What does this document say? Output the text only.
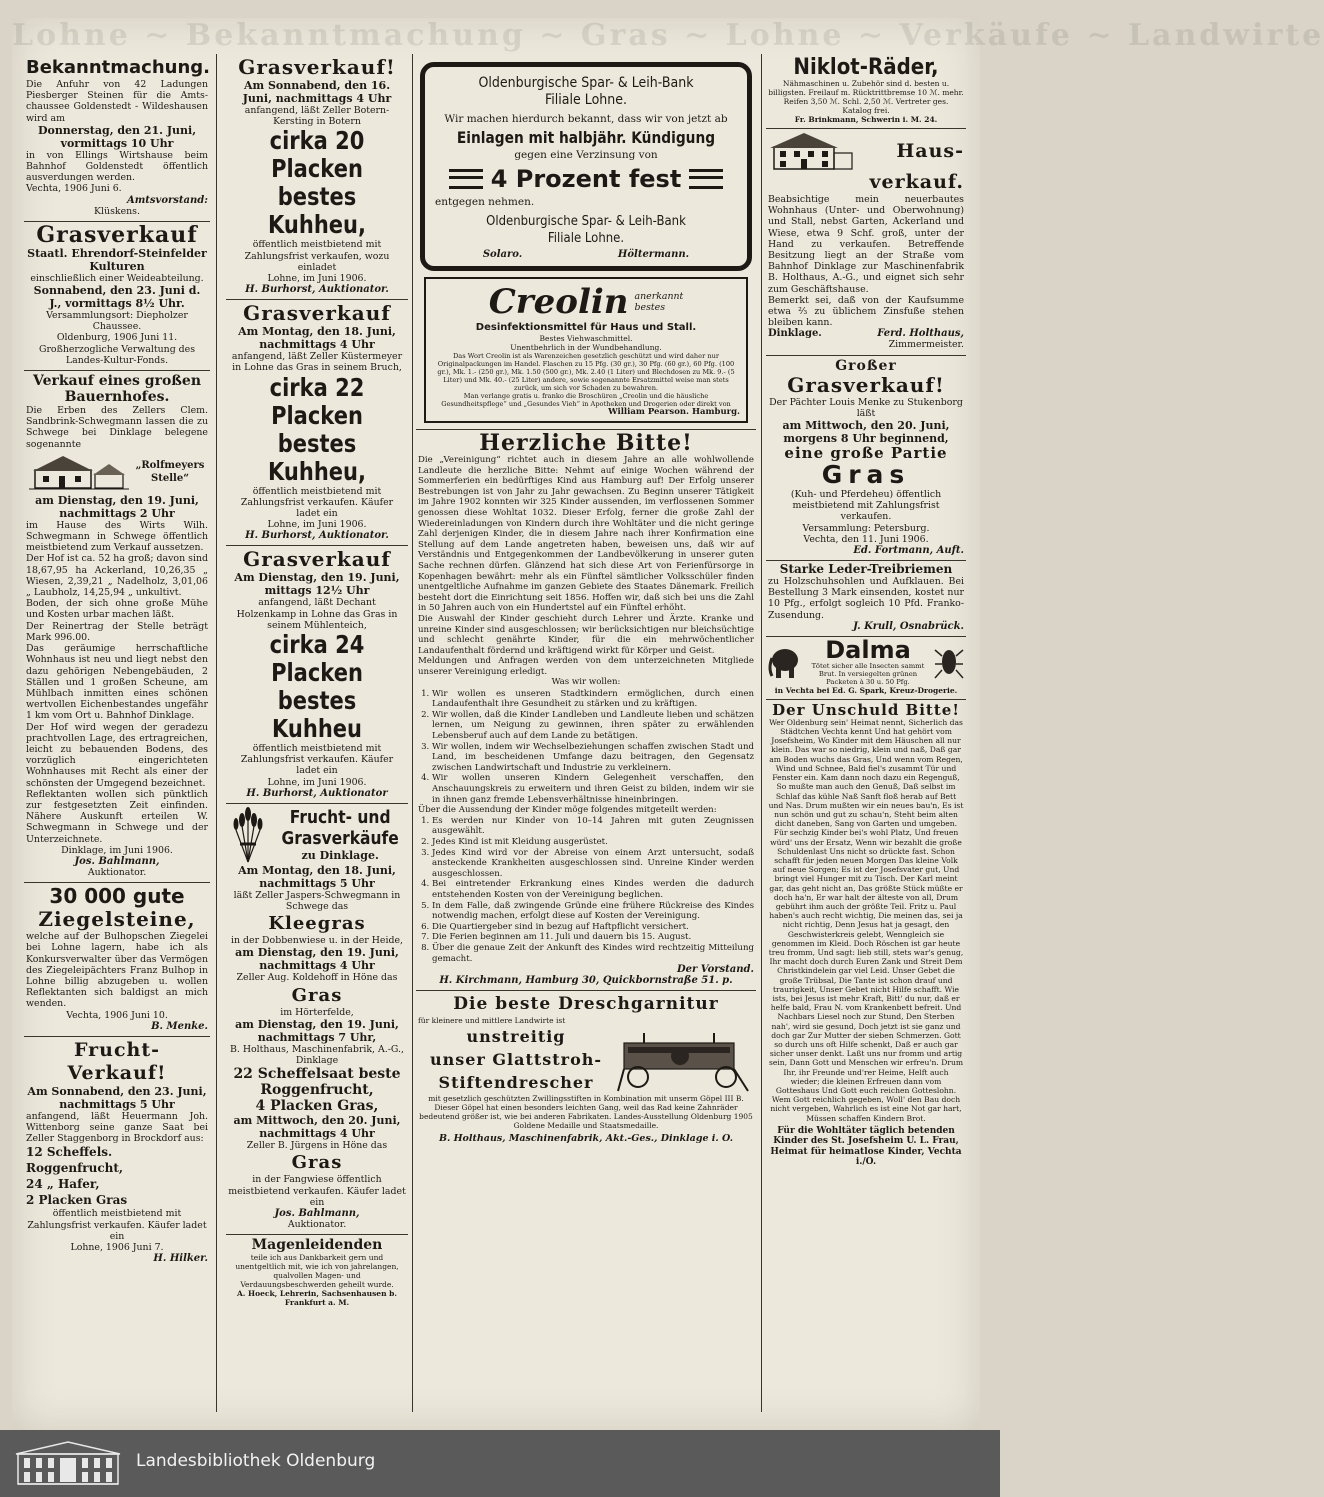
Lohne ∼ Bekanntmachung ∼ Gras ∼ Lohne ∼ Verkäufe ∼ Landwirte

Bekanntmachung.

Die Anfuhr von 42 Ladungen Piesberger Steinen für die Amts-chaussee Goldenstedt - Wildeshausen wird am

Donnerstag, den 21. Juni, vormittags 10 Uhr

in von Ellings Wirtshause beim Bahnhof Goldenstedt öffentlich ausverdungen werden.

Vechta, 1906 Juni 6.

Amtsvorstand:

Klüskens.

Grasverkauf

Staatl. Ehrendorf-Steinfelder Kulturen

einschließlich einer Weideabteilung.

Sonnabend, den 23. Juni d. J., vormittags 8½ Uhr.

Versammlungsort: Diepholzer Chaussee.

Oldenburg, 1906 Juni 11.

Großherzogliche Verwaltung des Landes-Kultur-Fonds.

Verkauf eines großen Bauernhofes.

Die Erben des Zellers Clem. Sandbrink-Schwegmann lassen die zu Schwege bei Dinklage belegene sogenannte

„Rolfmeyers Stelle“

am Dienstag, den 19. Juni, nachmittags 2 Uhr

im Hause des Wirts Wilh. Schwegmann in Schwege öffentlich meistbietend zum Verkauf aussetzen.

Der Hof ist ca. 52 ha groß; davon sind 18,67,95 ha Ackerland, 10,26,35 „ Wiesen, 2,39,21 „ Nadelholz, 3,01,06 „ Laubholz, 14,25,94 „ unkultivt.

Boden, der sich ohne große Mühe und Kosten urbar machen läßt.

Der Reinertrag der Stelle beträgt Mark 996.00.

Das geräumige herrschaftliche Wohnhaus ist neu und liegt nebst den dazu gehörigen Nebengebäuden, 2 Ställen und 1 großen Scheune, am Mühlbach inmitten eines schönen wertvollen Eichenbestandes ungefähr 1 km vom Ort u. Bahnhof Dinklage.

Der Hof wird wegen der geradezu prachtvollen Lage, des ertragreichen, leicht zu bebauenden Bodens, des vorzüglich eingerichteten Wohnhauses mit Recht als einer der schönsten der Umgegend bezeichnet.

Reflektanten wollen sich pünktlich zur festgesetzten Zeit einfinden. Nähere Auskunft erteilen W. Schwegmann in Schwege und der Unterzeichnete.

Dinklage, im Juni 1906.

Jos. Bahlmann,

Auktionator.

30 000 gute

Ziegelsteine,

welche auf der Bulhopschen Ziegelei bei Lohne lagern, habe ich als Konkursverwalter über das Vermögen des Ziegeleipächters Franz Bulhop in Lohne billig abzugeben u. wollen Reflektanten sich baldigst an mich wenden.

Vechta, 1906 Juni 10.

B. Menke.

Frucht-Verkauf!

Am Sonnabend, den 23. Juni, nachmittags 5 Uhr

anfangend, läßt Heuermann Joh. Wittenborg seine ganze Saat bei Zeller Staggenborg in Brockdorf aus:

12 Scheffels. Roggenfrucht,

24 „ Hafer,

2 Placken Gras

öffentlich meistbietend mit Zahlungsfrist verkaufen. Käufer ladet ein

Lohne, 1906 Juni 7.

H. Hilker.

Grasverkauf!

Am Sonnabend, den 16. Juni, nachmittags 4 Uhr

anfangend, läßt Zeller Botern-Kersting in Botern

cirka 20 Placken

bestes Kuhheu,

öffentlich meistbietend mit Zahlungsfrist verkaufen, wozu einladet

Lohne, im Juni 1906.

H. Burhorst, Auktionator.

Grasverkauf

Am Montag, den 18. Juni, nachmittags 4 Uhr

anfangend, läßt Zeller Küstermeyer in Lohne das Gras in seinem Bruch,

cirka 22 Placken

bestes Kuhheu,

öffentlich meistbietend mit Zahlungsfrist verkaufen. Käufer ladet ein

Lohne, im Juni 1906.

H. Burhorst, Auktionator.

Grasverkauf

Am Dienstag, den 19. Juni, mittags 12½ Uhr

anfangend, läßt Dechant Holzenkamp in Lohne das Gras in seinem Mühlenteich,

cirka 24 Placken

bestes Kuhheu

öffentlich meistbietend mit Zahlungsfrist verkaufen. Käufer ladet ein

Lohne, im Juni 1906.

H. Burhorst, Auktionator

Frucht- und

Grasverkäufe

zu Dinklage.

Am Montag, den 18. Juni, nachmittags 5 Uhr

läßt Zeller Jaspers-Schwegmann in Schwege das

Kleegras

in der Dobbenwiese u. in der Heide,

am Dienstag, den 19. Juni, nachmittags 4 Uhr

Zeller Aug. Koldehoff in Höne das

Gras

im Hörterfelde,

am Dienstag, den 19. Juni, nachmittags 7 Uhr,

B. Holthaus, Maschinenfabrik, A.-G., Dinklage

22 Scheffelsaat beste Roggenfrucht,

4 Placken Gras,

am Mittwoch, den 20. Juni, nachmittags 4 Uhr

Zeller B. Jürgens in Höne das

Gras

in der Fangwiese öffentlich meistbietend verkaufen. Käufer ladet ein

Jos. Bahlmann,

Auktionator.

Magenleidenden

teile ich aus Dankbarkeit gern und unentgeltlich mit, wie ich von jahrelangen, qualvollen Magen- und Verdauungsbeschwerden geheilt wurde.

A. Hoeck, Lehrerin, Sachsenhausen b. Frankfurt a. M.

Oldenburgische Spar- & Leih-Bank

Filiale Lohne.

Wir machen hierdurch bekannt, dass wir von jetzt ab

Einlagen mit halbjähr. Kündigung

gegen eine Verzinsung von

4 Prozent fest

entgegen nehmen.

Oldenburgische Spar- & Leih-Bank

Filiale Lohne.

Solaro.	Höltermann.
Creolin anerkannt

bestes

Desinfektionsmittel für Haus und Stall.

Bestes Viehwaschmittel.

Unentbehrlich in der Wundbehandlung.

Das Wort Creolin ist als Warenzeichen gesetzlich geschützt und wird daher nur Originalpackungen im Handel. Flaschen zu 15 Pfg. (30 gr.), 30 Pfg. (60 gr.), 60 Pfg. (100 gr.), Mk. 1.- (250 gr.), Mk. 1.50 (500 gr.), Mk. 2.40 (1 Liter) und Blechdosen zu Mk. 9.- (5 Liter) und Mk. 40.- (25 Liter) andere, sowie sogenannte Ersatzmittel weise man stets zurück, um sich vor Schaden zu bewahren.

Man verlange gratis u. franko die Broschüren „Creolin und die häusliche Gesundheitspflege“ und „Gesundes Vieh“ in Apotheken und Drogerien oder direkt von

William Pearson. Hamburg.

Herzliche Bitte!

Die „Vereinigung“ richtet auch in diesem Jahre an alle wohlwollende Landleute die herzliche Bitte: Nehmt auf einige Wochen während der Sommerferien ein bedürftiges Kind aus Hamburg auf! Der Erfolg unserer Bestrebungen ist von Jahr zu Jahr gewachsen. Zu Beginn unserer Tätigkeit im Jahre 1902 konnten wir 325 Kinder aussenden, im verflossenen Sommer genossen diese Wohltat 1032. Dieser Erfolg, ferner die große Zahl der Wiedereinladungen von Kindern durch ihre Wohltäter und die nicht geringe Zahl derjenigen Kinder, die in diesem Jahre nach ihrer Konfirmation eine Stellung auf dem Lande angetreten haben, beweisen uns, daß wir auf Verständnis und Entgegenkommen der Landbevölkerung in unserer guten Sache rechnen dürfen. Glänzend hat sich diese Art von Ferienfürsorge in Kopenhagen bewährt: mehr als ein Fünftel sämtlicher Volksschüler finden unentgeltliche Aufnahme im ganzen Gebiete des Staates Dänemark. Freilich besteht dort die Einrichtung seit 1856. Hoffen wir, daß sich bei uns die Zahl in 50 Jahren auch von ein Hundertstel auf ein Fünftel erhöht.

Die Auswahl der Kinder geschieht durch Lehrer und Ärzte. Kranke und unreine Kinder sind ausgeschlossen; wir berücksichtigen nur bleichsüchtige und schlecht genährte Kinder, für die ein mehrwöchentlicher Landaufenthalt fördernd und kräftigend wirkt für Körper und Geist.

Meldungen und Anfragen werden von dem unterzeichneten Mitgliede unserer Vereinigung erledigt.

Was wir wollen:

1. Wir wollen es unseren Stadtkindern ermöglichen, durch einen Landaufenthalt ihre Gesundheit zu stärken und zu kräftigen.
2. Wir wollen, daß die Kinder Landleben und Landleute lieben und schätzen lernen, um Neigung zu gewinnen, ihren später zu erwählenden Lebensberuf auch auf dem Lande zu betätigen.
3. Wir wollen, indem wir Wechselbeziehungen schaffen zwischen Stadt und Land, im bescheidenen Umfange dazu beitragen, den Gegensatz zwischen Landwirtschaft und Industrie zu verkleinern.
4. Wir wollen unseren Kindern Gelegenheit verschaffen, den Anschauungskreis zu erweitern und ihren Geist zu bilden, indem wir sie in ihnen ganz fremde Lebensverhältnisse hineinbringen.

Über die Aussendung der Kinder möge folgendes mitgeteilt werden:

1. Es werden nur Kinder von 10–14 Jahren mit guten Zeugnissen ausgewählt.
2. Jedes Kind ist mit Kleidung ausgerüstet.
3. Jedes Kind wird vor der Abreise von einem Arzt untersucht, sodaß ansteckende Krankheiten ausgeschlossen sind. Unreine Kinder werden ausgeschlossen.
4. Bei eintretender Erkrankung eines Kindes werden die dadurch entstehenden Kosten von der Vereinigung beglichen.
5. In dem Falle, daß zwingende Gründe eine frühere Rückreise des Kindes notwendig machen, erfolgt diese auf Kosten der Vereinigung.
6. Die Quartiergeber sind in bezug auf Haftpflicht versichert.
7. Die Ferien beginnen am 11. Juli und dauern bis 15. August.
8. Über die genaue Zeit der Ankunft des Kindes wird rechtzeitig Mitteilung gemacht.

Der Vorstand.

H. Kirchmann, Hamburg 30, Quickbornstraße 51. p.

Die beste Dreschgarnitur

für kleinere und mittlere Landwirte ist

unstreitig

unser Glattstroh-

Stiftendrescher

mit gesetzlich geschützten Zwillingsstiften in Kombination mit unserm Göpel III B. Dieser Göpel hat einen besonders leichten Gang, weil das Rad keine Zahnräder bedeutend größer ist, wie bei anderen Fabrikaten. Landes-Ausstellung Oldenburg 1905 Goldene Medaille und Staatsmedaille.

B. Holthaus, Maschinenfabrik, Akt.-Ges., Dinklage i. O.

Niklot-Räder,

Nähmaschinen u. Zubehör sind d. besten u. billigsten. Freilauf m. Rücktrittbremse 10 ℳ. mehr. Reifen 3,50 ℳ. Schl. 2,50 ℳ. Vertreter ges. Katalog frei.

Fr. Brinkmann, Schwerin i. M. 24.

Haus-

verkauf.

Beabsichtige mein neuerbautes Wohnhaus (Unter- und Oberwohnung) und Stall, nebst Garten, Ackerland und Wiese, etwa 9 Schf. groß, unter der Hand zu verkaufen. Betreffende Besitzung liegt an der Straße vom Bahnhof Dinklage zur Maschinenfabrik B. Holthaus, A.-G., und eignet sich sehr zum Geschäftshause.

Bemerkt sei, daß von der Kaufsumme etwa ⅔ zu üblichem Zinsfuße stehen bleiben kann.

Dinklage.	Ferd. Holthaus,

Zimmermeister.

Großer

Grasverkauf!

Der Pächter Louis Menke zu Stukenborg läßt

am Mittwoch, den 20. Juni, morgens 8 Uhr beginnend,

eine große Partie

Gras

(Kuh- und Pferdeheu) öffentlich meistbietend mit Zahlungsfrist verkaufen.

Versammlung: Petersburg.

Vechta, den 11. Juni 1906.

Ed. Fortmann, Auft.

Starke Leder-Treibriemen

zu Holzschuhsohlen und Aufklauen. Bei Bestellung 3 Mark einsenden, kostet nur 10 Pfg., erfolgt sogleich 10 Pfd. Franko-Zusendung.

J. Krull, Osnabrück.

Dalma

Tötet sicher alle Insecten sammt Brut. In versiegelten grünen Packeten à 30 u. 50 Pfg.

in Vechta bei Ed. G. Spark, Kreuz-Drogerie.

Der Unschuld Bitte!

Wer Oldenburg sein' Heimat nennt, Sicherlich das Städtchen Vechta kennt Und hat gehört vom Josefsheim, Wo Kinder mit dem Häuschen all nur klein. Das war so niedrig, klein und naß, Daß gar am Boden wuchs das Gras, Und wenn vom Regen, Wind und Schnee, Bald fiel's zusammt Tür und Fenster ein. Kam dann noch dazu ein Regenguß, So mußte man auch den Genuß, Daß selbst im Schlaf das kühle Naß Sanft floß herab auf Bett und Nas. Drum mußten wir ein neues bau'n, Es ist nun schön und gut zu schau'n, Steht beim alten dicht daneben, Sang von Garten und umgeben. Für sechzig Kinder bei's wohl Platz, Und freuen würd' uns der Ersatz, Wenn wir bezahlt die große Schuldenlast Uns nicht so drückte fast. Schon schafft für jeden neuen Morgen Das kleine Volk auf neue Sorgen; Es ist der Josefsvater gut, Und bringt viel Hunger mit zu Tisch. Der Karl meint gar, das geht nicht an, Das größte Stück müßte er doch ha'n, Er war halt der älteste von all, Drum gebührt ihm auch der größte Teil. Fritz u. Paul haben's auch recht wichtig, Die meinen das, sei ja nicht richtig, Denn Jesus hat ja gesagt, den Geschwisterkreis gelebt, Wenngleich sie genommen im Kleid. Doch Röschen ist gar heute treu fromm, Und sagt: lieb still, stets war's genug, Ihr macht doch durch Euren Zank und Streit Dem Christkindelein gar viel Leid. Unser Gebet die große Trübsal, Die Tante ist schon drauf und traurigkeit, Unser Gebet nicht Hilfe schafft. Wie ists, bei Jesus ist mehr Kraft, Bitt' du nur, daß er helfe bald, Frau N. vom Krankenbett befreit. Und Nachbars Liesel noch zur Stund, Den Sterben nah', wird sie gesund, Doch jetzt ist sie ganz und doch gar Zur Mutter der sieben Schmerzen. Gott so durch uns oft Hilfe schenkt, Daß er auch gar sicher unser denkt. Laßt uns nur fromm und artig sein, Dann Gott und Menschen wir erfreu'n. Drum Ihr, ihr Freunde und'rer Heime, Helft auch wieder; die kleinen Erfreuen dann vom Gotteshaus Und Gott euch reichen Gotteslohn. Wem Gott reichlich gegeben, Woll' den Bau doch nicht vergeben, Wahrlich es ist eine Not gar hart, Müssen schaffen Kindern Brot.

Für die Wohltäter täglich betenden Kinder des St. Josefsheim U. L. Frau, Heimat für heimatlose Kinder, Vechta i./O.

Landesbibliothek Oldenburg
